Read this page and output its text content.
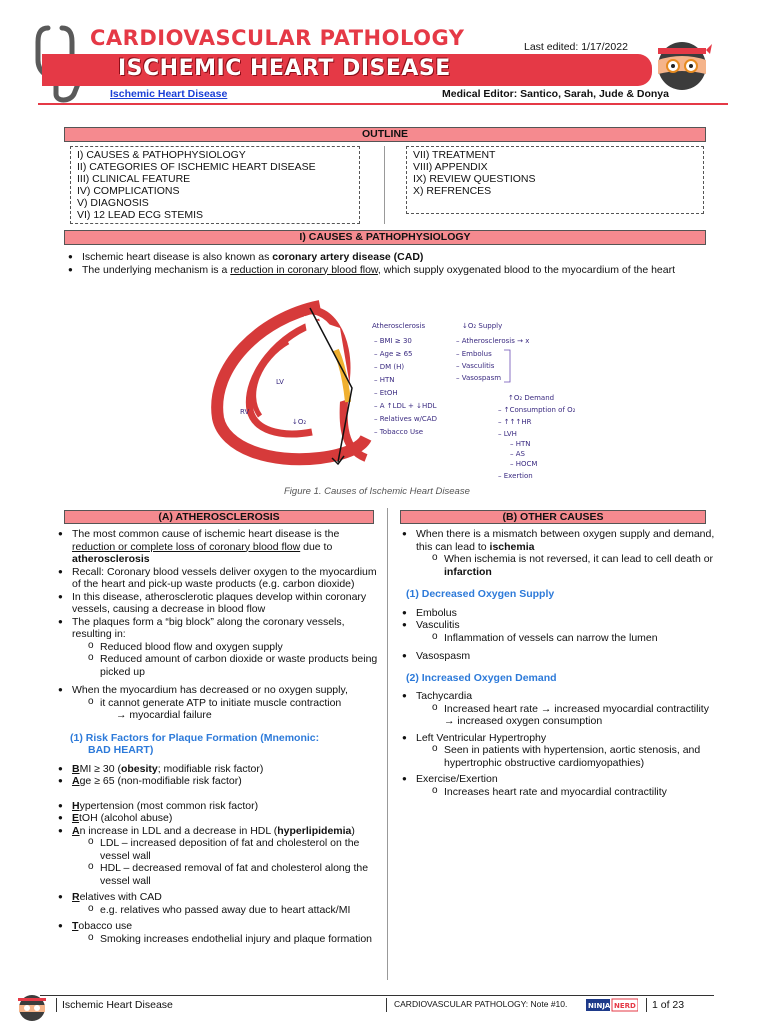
CARDIOVASCULAR PATHOLOGY
ISCHEMIC HEART DISEASE
Last edited: 1/17/2022
Ischemic Heart Disease	Medical Editor: Santico, Sarah, Jude & Donya
OUTLINE
I) CAUSES & PATHOPHYSIOLOGY
II) CATEGORIES OF ISCHEMIC HEART DISEASE
III) CLINICAL FEATURE
IV) COMPLICATIONS
V) DIAGNOSIS
VI) 12 LEAD ECG STEMIS
VII) TREATMENT
VIII) APPENDIX
IX) REVIEW QUESTIONS
X) REFRENCES
I) CAUSES & PATHOPHYSIOLOGY
● Ischemic heart disease is also known as coronary artery disease (CAD)
● The underlying mechanism is a reduction in coronary blood flow, which supply oxygenated blood to the myocardium of the heart
LV
RV
↓O₂
Atherosclerosis
– BMI ≥ 30
– Age ≥ 65
– DM (H)
– HTN
– EtOH
– A ↑LDL + ↓HDL
– Relatives w/CAD
– Tobacco Use
↓O₂ Supply
– Atherosclerosis → x
– Embolus
– Vasculitis
– Vasospasm
↑O₂ Demand
– ↑Consumption of O₂
– ↑↑↑HR
– LVH
– HTN
– AS
– HOCM
– Exertion
Figure 1. Causes of Ischemic Heart Disease
(A) ATHEROSCLEROSIS
● The most common cause of ischemic heart disease is the reduction or complete loss of coronary blood flow due to atherosclerosis
● Recall: Coronary blood vessels deliver oxygen to the myocardium of the heart and pick-up waste products (e.g. carbon dioxide)
● In this disease, atherosclerotic plaques develop within coronary vessels, causing a decrease in blood flow
● The plaques form a “big block” along the coronary vessels, resulting in:
o Reduced blood flow and oxygen supply
o Reduced amount of carbon dioxide or waste products being picked up
● When the myocardium has decreased or no oxygen supply,
o it cannot generate ATP to initiate muscle contraction
→ myocardial failure
(1) Risk Factors for Plaque Formation (Mnemonic:
BAD HEART)
● BMI ≥ 30 (obesity; modifiable risk factor)
● Age ≥ 65 (non-modifiable risk factor)
● Hypertension (most common risk factor)
● EtOH (alcohol abuse)
● An increase in LDL and a decrease in HDL (hyperlipidemia)
o LDL – increased deposition of fat and cholesterol on the vessel wall
o HDL – decreased removal of fat and cholesterol along the vessel wall
● Relatives with CAD
o e.g. relatives who passed away due to heart attack/MI
● Tobacco use
o Smoking increases endothelial injury and plaque formation
(B) OTHER CAUSES
● When there is a mismatch between oxygen supply and demand, this can lead to ischemia
o When ischemia is not reversed, it can lead to cell death or infarction
(1) Decreased Oxygen Supply
● Embolus
● Vasculitis
o Inflammation of vessels can narrow the lumen
● Vasospasm
(2) Increased Oxygen Demand
● Tachycardia
o Increased heart rate → increased myocardial contractility → increased oxygen consumption
● Left Ventricular Hypertrophy
o Seen in patients with hypertension, aortic stenosis, and hypertrophic obstructive cardiomyopathies)
● Exercise/Exertion
o Increases heart rate and myocardial contractility
Ischemic Heart Disease	CARDIOVASCULAR PATHOLOGY: Note #10.	NINJA NERD 1 of 23
